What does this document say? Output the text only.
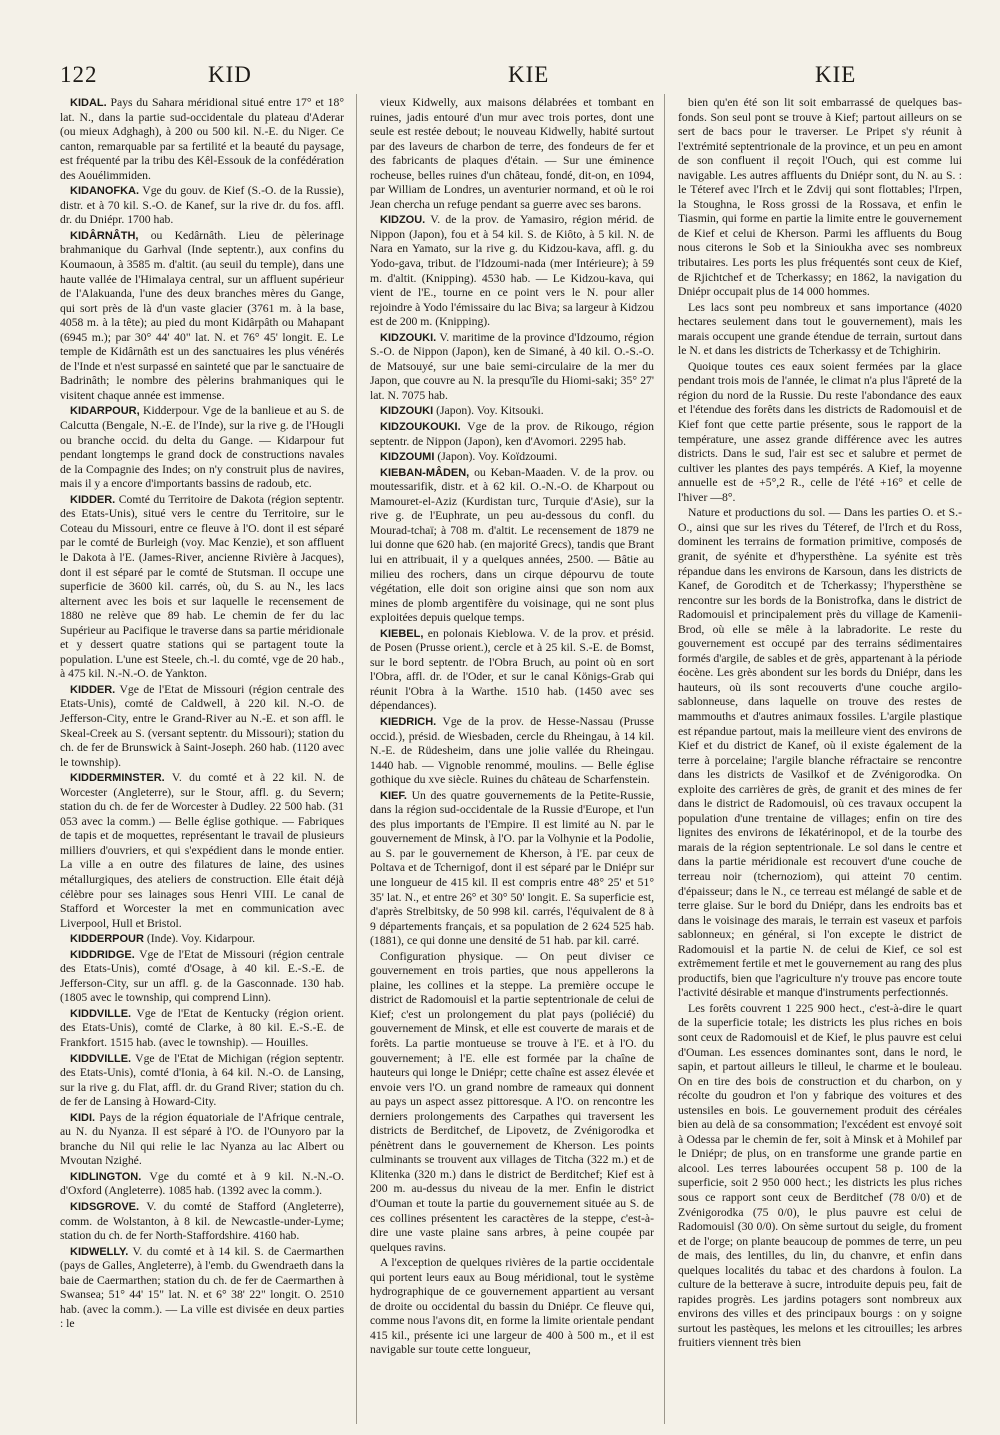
122	KID	KIE	KIE

KIDAL. Pays du Sahara méridional situé entre 17° et 18° lat. N., dans la partie sud-occidentale du plateau d'Aderar (ou mieux Adghagh), à 200 ou 500 kil. N.-E. du Niger. Ce canton, remarquable par sa fertilité et la beauté du paysage, est fréquenté par la tribu des Kêl-Essouk de la confédération des Aouélimmiden.

KIDANOFKA. Vge du gouv. de Kief (S.-O. de la Russie), distr. et à 70 kil. S.-O. de Kanef, sur la rive dr. du fos. affl. dr. du Dniépr. 1700 hab.

KIDÂRNÂTH, ou Kedârnâth. Lieu de pèlerinage brahmanique du Garhval (Inde septentr.), aux confins du Koumaoun, à 3585 m. d'altit. (au seuil du temple), dans une haute vallée de l'Himalaya central, sur un affluent supérieur de l'Alakuanda, l'une des deux branches mères du Gange, qui sort près de là d'un vaste glacier (3761 m. à la base, 4058 m. à la tête); au pied du mont Kidârpâth ou Mahapant (6945 m.); par 30° 44' 40" lat. N. et 76° 45' longit. E. Le temple de Kidârnâth est un des sanctuaires les plus vénérés de l'Inde et n'est surpassé en sainteté que par le sanctuaire de Badrinâth; le nombre des pèlerins brahmaniques qui le visitent chaque année est immense.

KIDARPOUR, Kidderpour. Vge de la banlieue et au S. de Calcutta (Bengale, N.-E. de l'Inde), sur la rive g. de l'Hougli ou branche occid. du delta du Gange. — Kidarpour fut pendant longtemps le grand dock de constructions navales de la Compagnie des Indes; on n'y construit plus de navires, mais il y a encore d'importants bassins de radoub, etc.

KIDDER. Comté du Territoire de Dakota (région septentr. des Etats-Unis), situé vers le centre du Territoire, sur le Coteau du Missouri, entre ce fleuve à l'O. dont il est séparé par le comté de Burleigh (voy. Mac Kenzie), et son affluent le Dakota à l'E. (James-River, ancienne Rivière à Jacques), dont il est séparé par le comté de Stutsman. Il occupe une superficie de 3600 kil. carrés, où, du S. au N., les lacs alternent avec les bois et sur laquelle le recensement de 1880 ne relève que 89 hab. Le chemin de fer du lac Supérieur au Pacifique le traverse dans sa partie méridionale et y dessert quatre stations qui se partagent toute la population. L'une est Steele, ch.-l. du comté, vge de 20 hab., à 475 kil. N.-N.-O. de Yankton.

KIDDER. Vge de l'Etat de Missouri (région centrale des Etats-Unis), comté de Caldwell, à 220 kil. N.-O. de Jefferson-City, entre le Grand-River au N.-E. et son affl. le Skeal-Creek au S. (versant septentr. du Missouri); station du ch. de fer de Brunswick à Saint-Joseph. 260 hab. (1120 avec le township).

KIDDERMINSTER. V. du comté et à 22 kil. N. de Worcester (Angleterre), sur le Stour, affl. g. du Severn; station du ch. de fer de Worcester à Dudley. 22 500 hab. (31 053 avec la comm.) — Belle église gothique. — Fabriques de tapis et de moquettes, représentant le travail de plusieurs milliers d'ouvriers, et qui s'expédient dans le monde entier. La ville a en outre des filatures de laine, des usines métallurgiques, des ateliers de construction. Elle était déjà célèbre pour ses lainages sous Henri VIII. Le canal de Stafford et Worcester la met en communication avec Liverpool, Hull et Bristol.

KIDDERPOUR (Inde). Voy. Kidarpour.

KIDDRIDGE. Vge de l'Etat de Missouri (région centrale des Etats-Unis), comté d'Osage, à 40 kil. E.-S.-E. de Jefferson-City, sur un affl. g. de la Gasconnade. 130 hab. (1805 avec le township, qui comprend Linn).

KIDDVILLE. Vge de l'Etat de Kentucky (région orient. des Etats-Unis), comté de Clarke, à 80 kil. E.-S.-E. de Frankfort. 1515 hab. (avec le township). — Houilles.

KIDDVILLE. Vge de l'Etat de Michigan (région septentr. des Etats-Unis), comté d'Ionia, à 64 kil. N.-O. de Lansing, sur la rive g. du Flat, affl. dr. du Grand River; station du ch. de fer de Lansing à Howard-City.

KIDI. Pays de la région équatoriale de l'Afrique centrale, au N. du Nyanza. Il est séparé à l'O. de l'Ounyoro par la branche du Nil qui relie le lac Nyanza au lac Albert ou Mvoutan Nzighé.

KIDLINGTON. Vge du comté et à 9 kil. N.-N.-O. d'Oxford (Angleterre). 1085 hab. (1392 avec la comm.).

KIDSGROVE. V. du comté de Stafford (Angleterre), comm. de Wolstanton, à 8 kil. de Newcastle-under-Lyme; station du ch. de fer North-Staffordshire. 4160 hab.

KIDWELLY. V. du comté et à 14 kil. S. de Caermarthen (pays de Galles, Angleterre), à l'emb. du Gwendraeth dans la baie de Caermarthen; station du ch. de fer de Caermarthen à Swansea; 51° 44' 15" lat. N. et 6° 38' 22" longit. O. 2510 hab. (avec la comm.). — La ville est divisée en deux parties : le

vieux Kidwelly, aux maisons délabrées et tombant en ruines, jadis entouré d'un mur avec trois portes, dont une seule est restée debout; le nouveau Kidwelly, habité surtout par des laveurs de charbon de terre, des fondeurs de fer et des fabricants de plaques d'étain. — Sur une éminence rocheuse, belles ruines d'un château, fondé, dit-on, en 1094, par William de Londres, un aventurier normand, et où le roi Jean chercha un refuge pendant sa guerre avec ses barons.

KIDZOU. V. de la prov. de Yamasiro, région mérid. de Nippon (Japon), fou et à 54 kil. S. de Kiôto, à 5 kil. N. de Nara en Yamato, sur la rive g. du Kidzou-kava, affl. g. du Yodo-gava, tribut. de l'Idzoumi-nada (mer Intérieure); à 59 m. d'altit. (Knipping). 4530 hab. — Le Kidzou-kava, qui vient de l'E., tourne en ce point vers le N. pour aller rejoindre à Yodo l'émissaire du lac Biva; sa largeur à Kidzou est de 200 m. (Knipping).

KIDZOUKI. V. maritime de la province d'Idzoumo, région S.-O. de Nippon (Japon), ken de Simané, à 40 kil. O.-S.-O. de Matsouyé, sur une baie semi-circulaire de la mer du Japon, que couvre au N. la presqu'île du Hiomi-saki; 35° 27' lat. N. 7075 hab.

KIDZOUKI (Japon). Voy. Kitsouki.

KIDZOUKOUKI. Vge de la prov. de Rikougo, région septentr. de Nippon (Japon), ken d'Avomori. 2295 hab.

KIDZOUMI (Japon). Voy. Koïdzoumi.

KIEBAN-MÂDEN, ou Keban-Maaden. V. de la prov. ou moutessarifik, distr. et à 62 kil. O.-N.-O. de Kharpout ou Mamouret-el-Aziz (Kurdistan turc, Turquie d'Asie), sur la rive g. de l'Euphrate, un peu au-dessous du confl. du Mourad-tchaï; à 708 m. d'altit. Le recensement de 1879 ne lui donne que 620 hab. (en majorité Grecs), tandis que Brant lui en attribuait, il y a quelques années, 2500. — Bâtie au milieu des rochers, dans un cirque dépourvu de toute végétation, elle doit son origine ainsi que son nom aux mines de plomb argentifère du voisinage, qui ne sont plus exploitées depuis quelque temps.

KIEBEL, en polonais Kieblowa. V. de la prov. et présid. de Posen (Prusse orient.), cercle et à 25 kil. S.-E. de Bomst, sur le bord septentr. de l'Obra Bruch, au point où en sort l'Obra, affl. dr. de l'Oder, et sur le canal Königs-Grab qui réunit l'Obra à la Warthe. 1510 hab. (1450 avec ses dépendances).

KIEDRICH. Vge de la prov. de Hesse-Nassau (Prusse occid.), présid. de Wiesbaden, cercle du Rheingau, à 14 kil. N.-E. de Rüdesheim, dans une jolie vallée du Rheingau. 1440 hab. — Vignoble renommé, moulins. — Belle église gothique du xve siècle. Ruines du château de Scharfenstein.

KIEF. Un des quatre gouvernements de la Petite-Russie, dans la région sud-occidentale de la Russie d'Europe, et l'un des plus importants de l'Empire. Il est limité au N. par le gouvernement de Minsk, à l'O. par la Volhynie et la Podolie, au S. par le gouvernement de Kherson, à l'E. par ceux de Poltava et de Tchernigof, dont il est séparé par le Dniépr sur une longueur de 415 kil. Il est compris entre 48° 25' et 51° 35' lat. N., et entre 26° et 30° 50' longit. E. Sa superficie est, d'après Strelbitsky, de 50 998 kil. carrés, l'équivalent de 8 à 9 départements français, et sa population de 2 624 525 hab. (1881), ce qui donne une densité de 51 hab. par kil. carré.

Configuration physique. — On peut diviser ce gouvernement en trois parties, que nous appellerons la plaine, les collines et la steppe. La première occupe le district de Radomouisl et la partie septentrionale de celui de Kief; c'est un prolongement du plat pays (poliécié) du gouvernement de Minsk, et elle est couverte de marais et de forêts. La partie montueuse se trouve à l'E. et à l'O. du gouvernement; à l'E. elle est formée par la chaîne de hauteurs qui longe le Dniépr; cette chaîne est assez élevée et envoie vers l'O. un grand nombre de rameaux qui donnent au pays un aspect assez pittoresque. A l'O. on rencontre les derniers prolongements des Carpathes qui traversent les districts de Berditchef, de Lipovetz, de Zvénigorodka et pénètrent dans le gouvernement de Kherson. Les points culminants se trouvent aux villages de Titcha (322 m.) et de Klitenka (320 m.) dans le district de Berditchef; Kief est à 200 m. au-dessus du niveau de la mer. Enfin le district d'Ouman et toute la partie du gouvernement située au S. de ces collines présentent les caractères de la steppe, c'est-à-dire une vaste plaine sans arbres, à peine coupée par quelques ravins.

A l'exception de quelques rivières de la partie occidentale qui portent leurs eaux au Boug méridional, tout le système hydrographique de ce gouvernement appartient au versant de droite ou occidental du bassin du Dniépr. Ce fleuve qui, comme nous l'avons dit, en forme la limite orientale pendant 415 kil., présente ici une largeur de 400 à 500 m., et il est navigable sur toute cette longueur,

bien qu'en été son lit soit embarrassé de quelques bas-fonds. Son seul pont se trouve à Kief; partout ailleurs on se sert de bacs pour le traverser. Le Pripet s'y réunit à l'extrémité septentrionale de la province, et un peu en amont de son confluent il reçoit l'Ouch, qui est comme lui navigable. Les autres affluents du Dniépr sont, du N. au S. : le Téteref avec l'Irch et le Zdvij qui sont flottables; l'Irpen, la Stoughna, le Ross grossi de la Rossava, et enfin le Tiasmin, qui forme en partie la limite entre le gouvernement de Kief et celui de Kherson. Parmi les affluents du Boug nous citerons le Sob et la Sinioukha avec ses nombreux tributaires. Les ports les plus fréquentés sont ceux de Kief, de Rjichtchef et de Tcherkassy; en 1862, la navigation du Dniépr occupait plus de 14 000 hommes.

Les lacs sont peu nombreux et sans importance (4020 hectares seulement dans tout le gouvernement), mais les marais occupent une grande étendue de terrain, surtout dans le N. et dans les districts de Tcherkassy et de Tchighirin.

Quoique toutes ces eaux soient fermées par la glace pendant trois mois de l'année, le climat n'a plus l'âpreté de la région du nord de la Russie. Du reste l'abondance des eaux et l'étendue des forêts dans les districts de Radomouisl et de Kief font que cette partie présente, sous le rapport de la température, une assez grande différence avec les autres districts. Dans le sud, l'air est sec et salubre et permet de cultiver les plantes des pays tempérés. A Kief, la moyenne annuelle est de +5°,2 R., celle de l'été +16° et celle de l'hiver —8°.

Nature et productions du sol. — Dans les parties O. et S.-O., ainsi que sur les rives du Téteref, de l'Irch et du Ross, dominent les terrains de formation primitive, composés de granit, de syénite et d'hypersthène. La syénite est très répandue dans les environs de Karsoun, dans les districts de Kanef, de Goroditch et de Tcherkassy; l'hypersthène se rencontre sur les bords de la Bonistrofka, dans le district de Radomouisl et principalement près du village de Kamenii-Brod, où elle se mêle à la labradorite. Le reste du gouvernement est occupé par des terrains sédimentaires formés d'argile, de sables et de grès, appartenant à la période éocène. Les grès abondent sur les bords du Dniépr, dans les hauteurs, où ils sont recouverts d'une couche argilo-sablonneuse, dans laquelle on trouve des restes de mammouths et d'autres animaux fossiles. L'argile plastique est répandue partout, mais la meilleure vient des environs de Kief et du district de Kanef, où il existe également de la terre à porcelaine; l'argile blanche réfractaire se rencontre dans les districts de Vasilkof et de Zvénigorodka. On exploite des carrières de grès, de granit et des mines de fer dans le district de Radomouisl, où ces travaux occupent la population d'une trentaine de villages; enfin on tire des lignites des environs de Iékatérinopol, et de la tourbe des marais de la région septentrionale. Le sol dans le centre et dans la partie méridionale est recouvert d'une couche de terreau noir (tchernoziom), qui atteint 70 centim. d'épaisseur; dans le N., ce terreau est mélangé de sable et de terre glaise. Sur le bord du Dniépr, dans les endroits bas et dans le voisinage des marais, le terrain est vaseux et parfois sablonneux; en général, si l'on excepte le district de Radomouisl et la partie N. de celui de Kief, ce sol est extrêmement fertile et met le gouvernement au rang des plus productifs, bien que l'agriculture n'y trouve pas encore toute l'activité désirable et manque d'instruments perfectionnés.

Les forêts couvrent 1 225 900 hect., c'est-à-dire le quart de la superficie totale; les districts les plus riches en bois sont ceux de Radomouisl et de Kief, le plus pauvre est celui d'Ouman. Les essences dominantes sont, dans le nord, le sapin, et partout ailleurs le tilleul, le charme et le bouleau. On en tire des bois de construction et du charbon, on y récolte du goudron et l'on y fabrique des voitures et des ustensiles en bois. Le gouvernement produit des céréales bien au delà de sa consommation; l'excédent est envoyé soit à Odessa par le chemin de fer, soit à Minsk et à Mohilef par le Dniépr; de plus, on en transforme une grande partie en alcool. Les terres labourées occupent 58 p. 100 de la superficie, soit 2 950 000 hect.; les districts les plus riches sous ce rapport sont ceux de Berditchef (78 0/0) et de Zvénigorodka (75 0/0), le plus pauvre est celui de Radomouisl (30 0/0). On sème surtout du seigle, du froment et de l'orge; on plante beaucoup de pommes de terre, un peu de mais, des lentilles, du lin, du chanvre, et enfin dans quelques localités du tabac et des chardons à foulon. La culture de la betterave à sucre, introduite depuis peu, fait de rapides progrès. Les jardins potagers sont nombreux aux environs des villes et des principaux bourgs : on y soigne surtout les pastèques, les melons et les citrouilles; les arbres fruitiers viennent très bien
